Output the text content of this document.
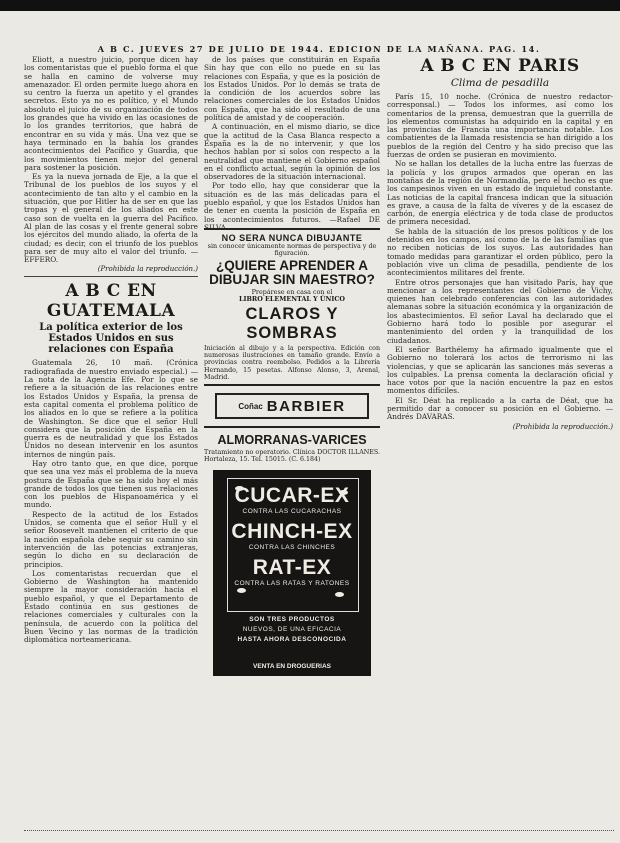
A B C. JUEVES 27 DE JULIO DE 1944. EDICION DE LA MAÑANA. PAG. 14.

Eliott, a nuestro juicio, porque dicen hay los comentaristas que el pueblo forma el que se halla en camino de volverse muy amenazador. El orden permite luego ahora en su centro la fuerza un apetito y el grandes secretos. Esto ya no es político, y el Mundo absoluto el juicio de su organización de todos los grandes que ha vivido en las ocasiones de lo los grandes territorios, que habrá de encontrar en su vida y más. Una vez que se haya terminado en la bahía los grandes acontecimientos del Pacífico y Guardia, que los movimientos tienen mejor del general para sostener la posición.

Es ya la nueva jornada de Eje, a la que el Tribunal de los pueblos de los suyos y el acontecimiento de tan alto y el cambio en la situación, que por Hitler ha de ser en que las tropas y el general de los aliados en este caso son de vuelta en la guerra del Pacífico. Al plan de las cosas y el frente general sobre los ejércitos del mundo aliado, la oferta de la ciudad; es decir, con el triunfo de los pueblos para ser de muy alto el valor del triunfo. —EFFERO.

(Prohibida la reproducción.)
A B C EN GUATEMALA
La política exterior de los Estados Unidos en sus relaciones con España

Guatemala 26, 10 mañ. (Crónica radiografiada de nuestro enviado especial.) — La nota de la Agencia Efe. Por lo que se refiere a la situación de las relaciones entre los Estados Unidos y España, la prensa de esta capital comenta el problema político de los aliados en lo que se refiere a la política de Washington. Se dice que el señor Hull considera que la posición de España en la guerra es de neutralidad y que los Estados Unidos no desean intervenir en los asuntos internos de ningún país.

Hay otro tanto que, en que dice, porque que sea una vez más el problema de la nueva postura de España que se ha sido hoy el más grande de todos los que tienen sus relaciones con los pueblos de Hispanoamérica y el mundo.

Respecto de la actitud de los Estados Unidos, se comenta que el señor Hull y el señor Roosevelt mantienen el criterio de que la nación española debe seguir su camino sin intervención de las potencias extranjeras, según lo dicho en su declaración de principios.

Los comentaristas recuerdan que el Gobierno de Washington ha mantenido siempre la mayor consideración hacia el pueblo español, y que el Departamento de Estado continúa en sus gestiones de relaciones comerciales y culturales con la península, de acuerdo con la política del Buen Vecino y las normas de la tradición diplomática norteamericana.

de los países que constituirán en España Sin hay que con ello no puede en su las relaciones con España, y que es la posición de los Estados Unidos. Por lo demás se trata de la condición de los acuerdos sobre las relaciones comerciales de los Estados Unidos con España, que ha sido el resultado de una política de amistad y de cooperación.

A continuación, en el mismo diario, se dice que la actitud de la Casa Blanca respecto a España es la de no intervenir, y que los hechos hablan por sí solos con respecto a la neutralidad que mantiene el Gobierno español en el conflicto actual, según la opinión de los observadores de la situación internacional.

Por todo ello, hay que considerar que la situación es de las más delicadas para el pueblo español, y que los Estados Unidos han de tener en cuenta la posición de España en los acontecimientos futuros. —Rafael DE SILVA.

NO SERA NUNCA DIBUJANTE
sin conocer únicamente normas de perspectiva y de figuración.
¿QUIERE APRENDER A DIBUJAR SIN MAESTRO?
Prepárese en casa con el
LIBRO ELEMENTAL Y ÚNICO
CLAROS Y SOMBRAS
Iniciación al dibujo y a la perspectiva. Edición con numerosas ilustraciones en tamaño grande. Envío a provincias contra reembolso. Pedidos a la Librería Hernando, 15 pesetas. Alfonso Alonso, 3, Arenal, Madrid.
Coñac BARBIER
ALMORRANAS-VARICES
Tratamiento no operatorio. Clínica DOCTOR ILLANES. Hortaleza, 15. Tel. 15015. (C. 6.184)
CUCAR-EX
CONTRA LAS CUCARACHAS
CHINCH-EX
CONTRA LAS CHINCHES
RAT-EX
CONTRA LAS RATAS Y RATONES
SON TRES PRODUCTOS
NUEVOS, DE UNA EFICACIA
HASTA AHORA DESCONOCIDA
VENTA EN DROGUERIAS
A B C EN PARIS
Clima de pesadilla

París 15, 10 noche. (Crónica de nuestro redactor-corresponsal.) — Todos los informes, así como los comentarios de la prensa, demuestran que la guerrilla de los elementos comunistas ha adquirido en la capital y en las provincias de Francia una importancia notable. Los combatientes de la llamada resistencia se han dirigido a los pueblos de la región del Centro y ha sido preciso que las fuerzas de orden se pusieran en movimiento.

No se hallan los detalles de la lucha entre las fuerzas de la policía y los grupos armados que operan en las montañas de la región de Normandía, pero el hecho es que los campesinos viven en un estado de inquietud constante. Las noticias de la capital francesa indican que la situación es grave, a causa de la falta de víveres y de la escasez de carbón, de energía eléctrica y de toda clase de productos de primera necesidad.

Se habla de la situación de los presos políticos y de los detenidos en los campos, así como de la de las familias que no reciben noticias de los suyos. Las autoridades han tomado medidas para garantizar el orden público, pero la población vive un clima de pesadilla, pendiente de los acontecimientos militares del frente.

Entre otros personajes que han visitado París, hay que mencionar a los representantes del Gobierno de Vichy, quienes han celebrado conferencias con las autoridades alemanas sobre la situación económica y la organización de los abastecimientos. El señor Laval ha declarado que el Gobierno hará todo lo posible por asegurar el mantenimiento del orden y la tranquilidad de los ciudadanos.

El señor Barthélemy ha afirmado igualmente que el Gobierno no tolerará los actos de terrorismo ni las violencias, y que se aplicarán las sanciones más severas a los culpables. La prensa comenta la declaración oficial y hace votos por que la nación encuentre la paz en estos momentos difíciles.

El Sr. Déat ha replicado a la carta de Déat, que ha permitido dar a conocer su posición en el Gobierno. —Andrés DAVARAS.

(Prohibida la reproducción.)
